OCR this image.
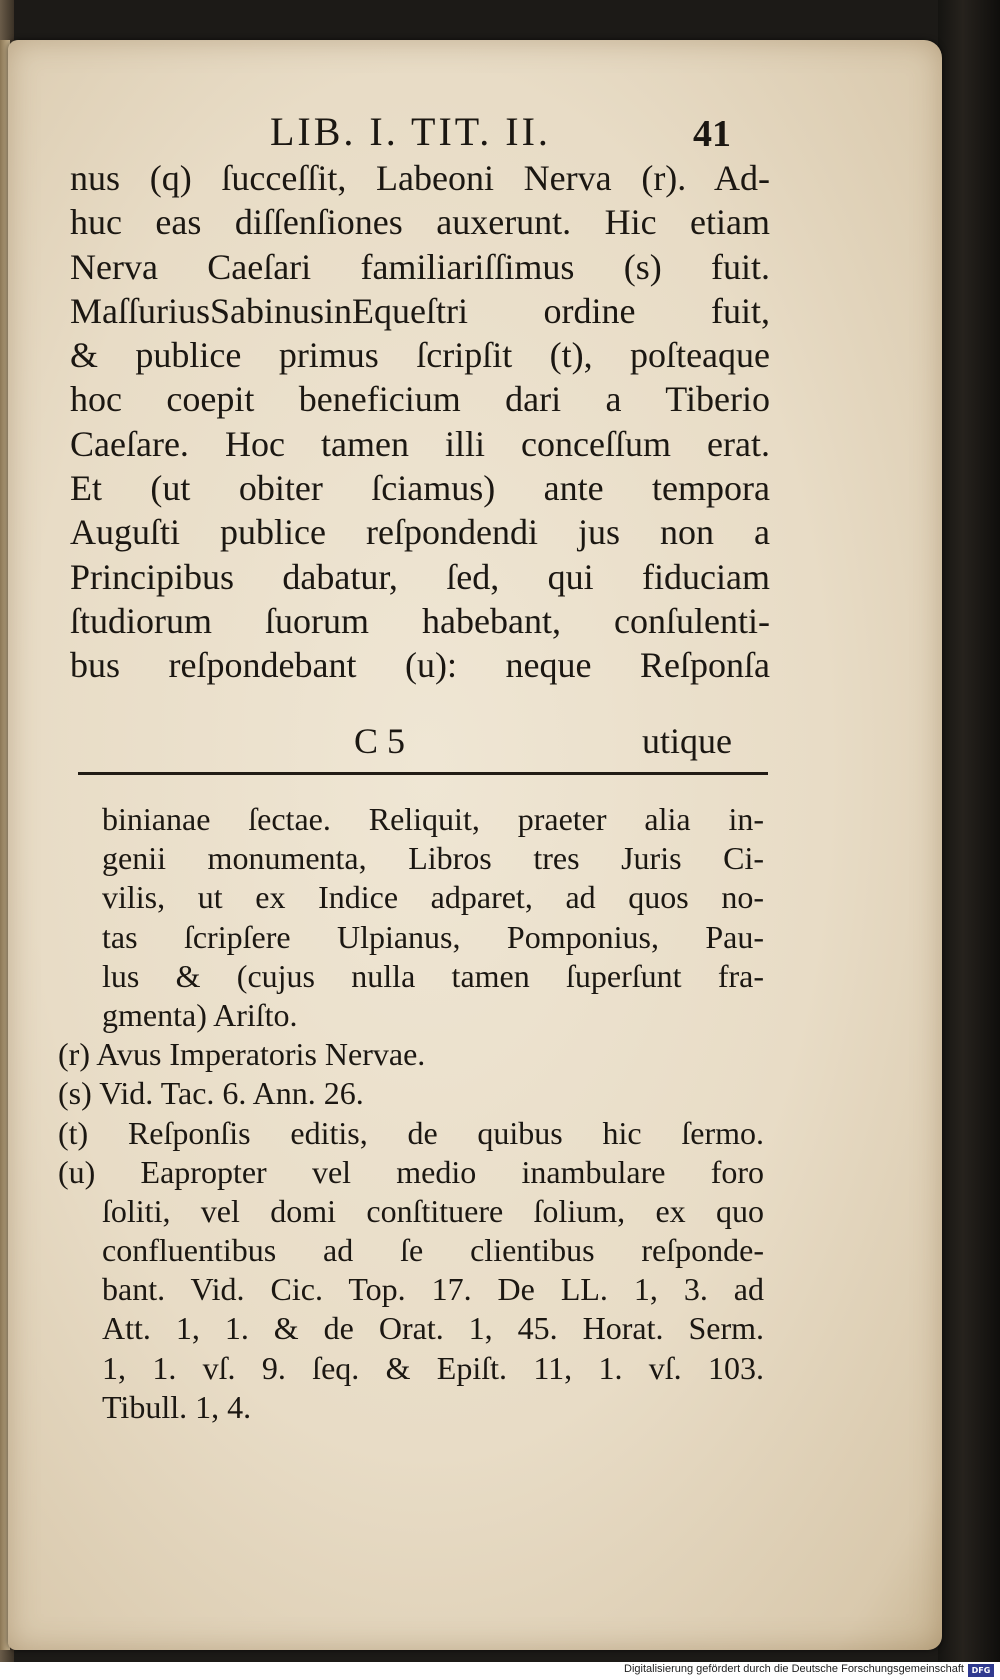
LIB. I. TIT. II.	41
nus (q) ſucceſſit, Labeoni Nerva (r). Ad-
huc eas diſſenſiones auxerunt. Hic etiam
Nerva Caeſari familiariſſimus (s) fuit.
MaſſuriusSabinusinEqueſtri ordine fuit,
& publice primus ſcripſit (t), poſteaque
hoc coepit beneficium dari a Tiberio
Caeſare. Hoc tamen illi conceſſum erat.
Et (ut obiter ſciamus) ante tempora
Auguſti publice reſpondendi jus non a
Principibus dabatur, ſed, qui fiduciam
ſtudiorum ſuorum habebant, conſulenti-
bus reſpondebant (u): neque Reſponſa
C 5	utique
binianae ſectae. Reliquit, praeter alia in-
genii monumenta, Libros tres Juris Ci-
vilis, ut ex Indice adparet, ad quos no-
tas ſcripſere Ulpianus, Pomponius, Pau-
lus & (cujus nulla tamen ſuperſunt fra-
gmenta) Ariſto.
(r) Avus Imperatoris Nervae.
(s) Vid. Tac. 6. Ann. 26.
(t) Reſponſis editis, de quibus hic ſermo.
(u) Eapropter vel medio inambulare foro
ſoliti, vel domi conſtituere ſolium, ex quo
confluentibus ad ſe clientibus reſponde-
bant. Vid. Cic. Top. 17. De LL. 1, 3. ad
Att. 1, 1. & de Orat. 1, 45. Horat. Serm.
1, 1. vſ. 9. ſeq. & Epiſt. 11, 1. vſ. 103.
Tibull. 1, 4.
Digitalisierung gefördert durch die Deutsche Forschungsgemeinschaft DFG
